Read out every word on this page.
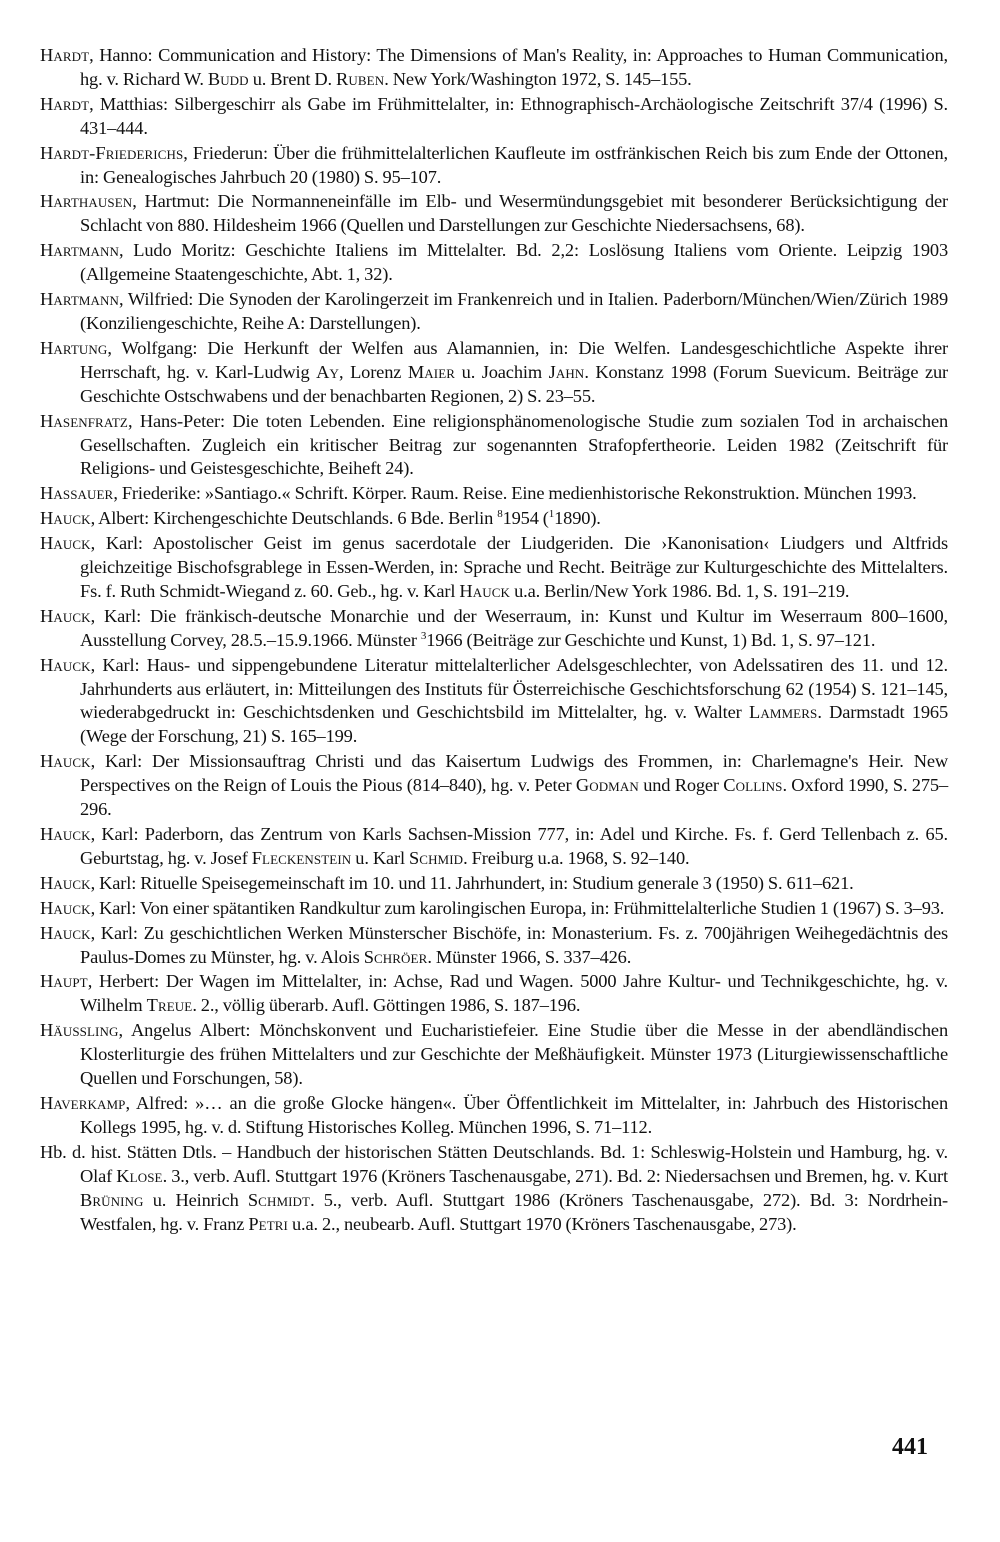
Hardt, Hanno: Communication and History: The Dimensions of Man's Reality, in: Approaches to Human Communication, hg. v. Richard W. Budd u. Brent D. Ruben. New York/Washington 1972, S. 145–155.

Hardt, Matthias: Silbergeschirr als Gabe im Frühmittelalter, in: Ethnographisch-Archäologische Zeitschrift 37/4 (1996) S. 431–444.

Hardt-Friederichs, Friederun: Über die frühmittelalterlichen Kaufleute im ostfränkischen Reich bis zum Ende der Ottonen, in: Genealogisches Jahrbuch 20 (1980) S. 95–107.

Harthausen, Hartmut: Die Normanneneinfälle im Elb- und Wesermündungsgebiet mit besonderer Berücksichtigung der Schlacht von 880. Hildesheim 1966 (Quellen und Darstellungen zur Geschichte Niedersachsens, 68).

Hartmann, Ludo Moritz: Geschichte Italiens im Mittelalter. Bd. 2,2: Loslösung Italiens vom Oriente. Leipzig 1903 (Allgemeine Staatengeschichte, Abt. 1, 32).

Hartmann, Wilfried: Die Synoden der Karolingerzeit im Frankenreich und in Italien. Paderborn/München/Wien/Zürich 1989 (Konziliengeschichte, Reihe A: Darstellungen).

Hartung, Wolfgang: Die Herkunft der Welfen aus Alamannien, in: Die Welfen. Landesgeschichtliche Aspekte ihrer Herrschaft, hg. v. Karl-Ludwig Ay, Lorenz Maier u. Joachim Jahn. Konstanz 1998 (Forum Suevicum. Beiträge zur Geschichte Ostschwabens und der benachbarten Regionen, 2) S. 23–55.

Hasenfratz, Hans-Peter: Die toten Lebenden. Eine religionsphänomenologische Studie zum sozialen Tod in archaischen Gesellschaften. Zugleich ein kritischer Beitrag zur sogenannten Strafopfertheorie. Leiden 1982 (Zeitschrift für Religions- und Geistesgeschichte, Beiheft 24).

Hassauer, Friederike: »Santiago.« Schrift. Körper. Raum. Reise. Eine medienhistorische Rekonstruktion. München 1993.

Hauck, Albert: Kirchengeschichte Deutschlands. 6 Bde. Berlin $^8$1954 ($^1$1890).

Hauck, Karl: Apostolischer Geist im genus sacerdotale der Liudgeriden. Die ›Kanonisation‹ Liudgers und Altfrids gleichzeitige Bischofsgrablege in Essen-Werden, in: Sprache und Recht. Beiträge zur Kulturgeschichte des Mittelalters. Fs. f. Ruth Schmidt-Wiegand z. 60. Geb., hg. v. Karl Hauck u.a. Berlin/New York 1986. Bd. 1, S. 191–219.

Hauck, Karl: Die fränkisch-deutsche Monarchie und der Weserraum, in: Kunst und Kultur im Weserraum 800–1600, Ausstellung Corvey, 28.5.–15.9.1966. Münster $^3$1966 (Beiträge zur Geschichte und Kunst, 1) Bd. 1, S. 97–121.

Hauck, Karl: Haus- und sippengebundene Literatur mittelalterlicher Adelsgeschlechter, von Adelssatiren des 11. und 12. Jahrhunderts aus erläutert, in: Mitteilungen des Instituts für Österreichische Geschichtsforschung 62 (1954) S. 121–145, wiederabgedruckt in: Geschichtsdenken und Geschichtsbild im Mittelalter, hg. v. Walter Lammers. Darmstadt 1965 (Wege der Forschung, 21) S. 165–199.

Hauck, Karl: Der Missionsauftrag Christi und das Kaisertum Ludwigs des Frommen, in: Charlemagne's Heir. New Perspectives on the Reign of Louis the Pious (814–840), hg. v. Peter Godman und Roger Collins. Oxford 1990, S. 275–296.

Hauck, Karl: Paderborn, das Zentrum von Karls Sachsen-Mission 777, in: Adel und Kirche. Fs. f. Gerd Tellenbach z. 65. Geburtstag, hg. v. Josef Fleckenstein u. Karl Schmid. Freiburg u.a. 1968, S. 92–140.

Hauck, Karl: Rituelle Speisegemeinschaft im 10. und 11. Jahrhundert, in: Studium generale 3 (1950) S. 611–621.

Hauck, Karl: Von einer spätantiken Randkultur zum karolingischen Europa, in: Frühmittelalterliche Studien 1 (1967) S. 3–93.

Hauck, Karl: Zu geschichtlichen Werken Münsterscher Bischöfe, in: Monasterium. Fs. z. 700jährigen Weihegedächtnis des Paulus-Domes zu Münster, hg. v. Alois Schröer. Münster 1966, S. 337–426.

Haupt, Herbert: Der Wagen im Mittelalter, in: Achse, Rad und Wagen. 5000 Jahre Kultur- und Technikgeschichte, hg. v. Wilhelm Treue. 2., völlig überarb. Aufl. Göttingen 1986, S. 187–196.

Häussling, Angelus Albert: Mönchskonvent und Eucharistiefeier. Eine Studie über die Messe in der abendländischen Klosterliturgie des frühen Mittelalters und zur Geschichte der Meßhäufigkeit. Münster 1973 (Liturgiewissenschaftliche Quellen und Forschungen, 58).

Haverkamp, Alfred: »… an die große Glocke hängen«. Über Öffentlichkeit im Mittelalter, in: Jahrbuch des Historischen Kollegs 1995, hg. v. d. Stiftung Historisches Kolleg. München 1996, S. 71–112.

Hb. d. hist. Stätten Dtls. – Handbuch der historischen Stätten Deutschlands. Bd. 1: Schleswig-Holstein und Hamburg, hg. v. Olaf Klose. 3., verb. Aufl. Stuttgart 1976 (Kröners Taschenausgabe, 271). Bd. 2: Niedersachsen und Bremen, hg. v. Kurt Brüning u. Heinrich Schmidt. 5., verb. Aufl. Stuttgart 1986 (Kröners Taschenausgabe, 272). Bd. 3: Nordrhein-Westfalen, hg. v. Franz Petri u.a. 2., neubearb. Aufl. Stuttgart 1970 (Kröners Taschenausgabe, 273).

441
